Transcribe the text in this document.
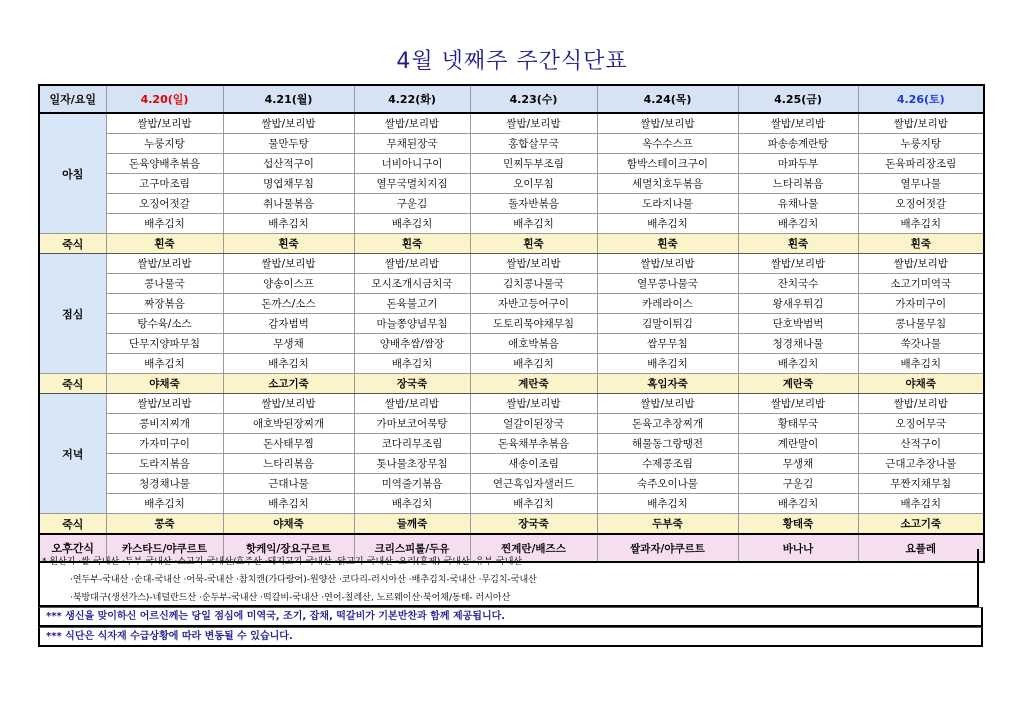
4월 넷째주 주간식단표
일자/요일	4.20(일)	4.21(월)	4.22(화)	4.23(수)	4.24(목)	4.25(금)	4.26(토)
아침	쌀밥/보리밥	쌀밥/보리밥	쌀밥/보리밥	쌀밥/보리밥	쌀밥/보리밥	쌀밥/보리밥	쌀밥/보리밥
	누룽지탕	물만두탕	무채된장국	홍합살무국	옥수수스프	파송송계란탕	누룽지탕
	돈육양배추볶음	섭산적구이	너비아니구이	민찌두부조림	함박스테이크구이	마파두부	돈육파리장조림
	고구마조림	명엽채무침	열무국멸치지짐	오이무침	세멸치호두볶음	느타리볶음	열무나물
	오징어젓갈	취나물볶음	구운김	돌자반볶음	도라지나물	유채나물	오징어젓갈
	배추김치	배추김치	배추김치	배추김치	배추김치	배추김치	배추김치
죽식	흰죽	흰죽	흰죽	흰죽	흰죽	흰죽	흰죽
점심	쌀밥/보리밥	쌀밥/보리밥	쌀밥/보리밥	쌀밥/보리밥	쌀밥/보리밥	쌀밥/보리밥	쌀밥/보리밥
	콩나물국	양송이스프	모시조개시금치국	김치콩나물국	열무콩나물국	잔치국수	소고기미역국
	짜장볶음	돈까스/소스	돈육불고기	자반고등어구이	카레라이스	왕새우튀김	가자미구이
	탕수육/소스	감자범벅	마늘쫑양념무침	도토리묵야채무침	김말이튀김	단호박범벅	콩나물무침
	단무지양파무침	무생채	양배추쌈/쌈장	애호박볶음	쌈무무침	청경채나물	쑥갓나물
	배추김치	배추김치	배추김치	배추김치	배추김치	배추김치	배추김치
죽식	야채죽	소고기죽	장국죽	계란죽	흑임자죽	계란죽	야채죽
저녁	쌀밥/보리밥	쌀밥/보리밥	쌀밥/보리밥	쌀밥/보리밥	쌀밥/보리밥	쌀밥/보리밥	쌀밥/보리밥
	콩비지찌개	애호박된장찌개	가마보코어묵탕	얼갈이된장국	돈육고추장찌개	황태무국	오징어무국
	가자미구이	돈사태무찜	코다리무조림	돈육채부추볶음	해물동그랑땡전	계란말이	산적구이
	도라지볶음	느타리볶음	톳나물초장무침	새송이조림	수제콩조림	무생채	근대고추장나물
	청경채나물	근대나물	미역줄기볶음	연근흑임자샐러드	숙주오이나물	구운김	무짠지채무침
	배추김치	배추김치	배추김치	배추김치	배추김치	배추김치	배추김치
죽식	콩죽	야채죽	들깨죽	장국죽	두부죽	황태죽	소고기죽
오후간식	카스타드/야쿠르트	핫케익/장요구르트	크리스피롤/두유	찐계란/배즈스	쌀과자/야쿠르트	바나나	요플레
* 원산지 ·쌀-국내산 ·두부-국내산 ·소고기-국내산/호주산 ·돼지고기-국내산 ·닭고기-국내산 ·오리(훈제)-국내산 ·유부-국내산
·연두부-국내산 ·순대-국내산 ·어묵-국내산 ·참치캔(가다랑어)-원양산 ·코다리-러시아산 ·배추김치-국내산 ·무김치-국내산
·북방대구(생선가스)-네덜란드산 ·순두부-국내산 ·떡갈비-국내산 ·연어-칠레산, 노르웨이산·북어채/동태- 러시아산
*** 생신을 맞이하신 어르신께는 당일 점심에 미역국, 조기, 잡채, 떡갈비가 기본반찬과 함께 제공됩니다.
*** 식단은 식자재 수급상황에 따라 변동될 수 있습니다.
